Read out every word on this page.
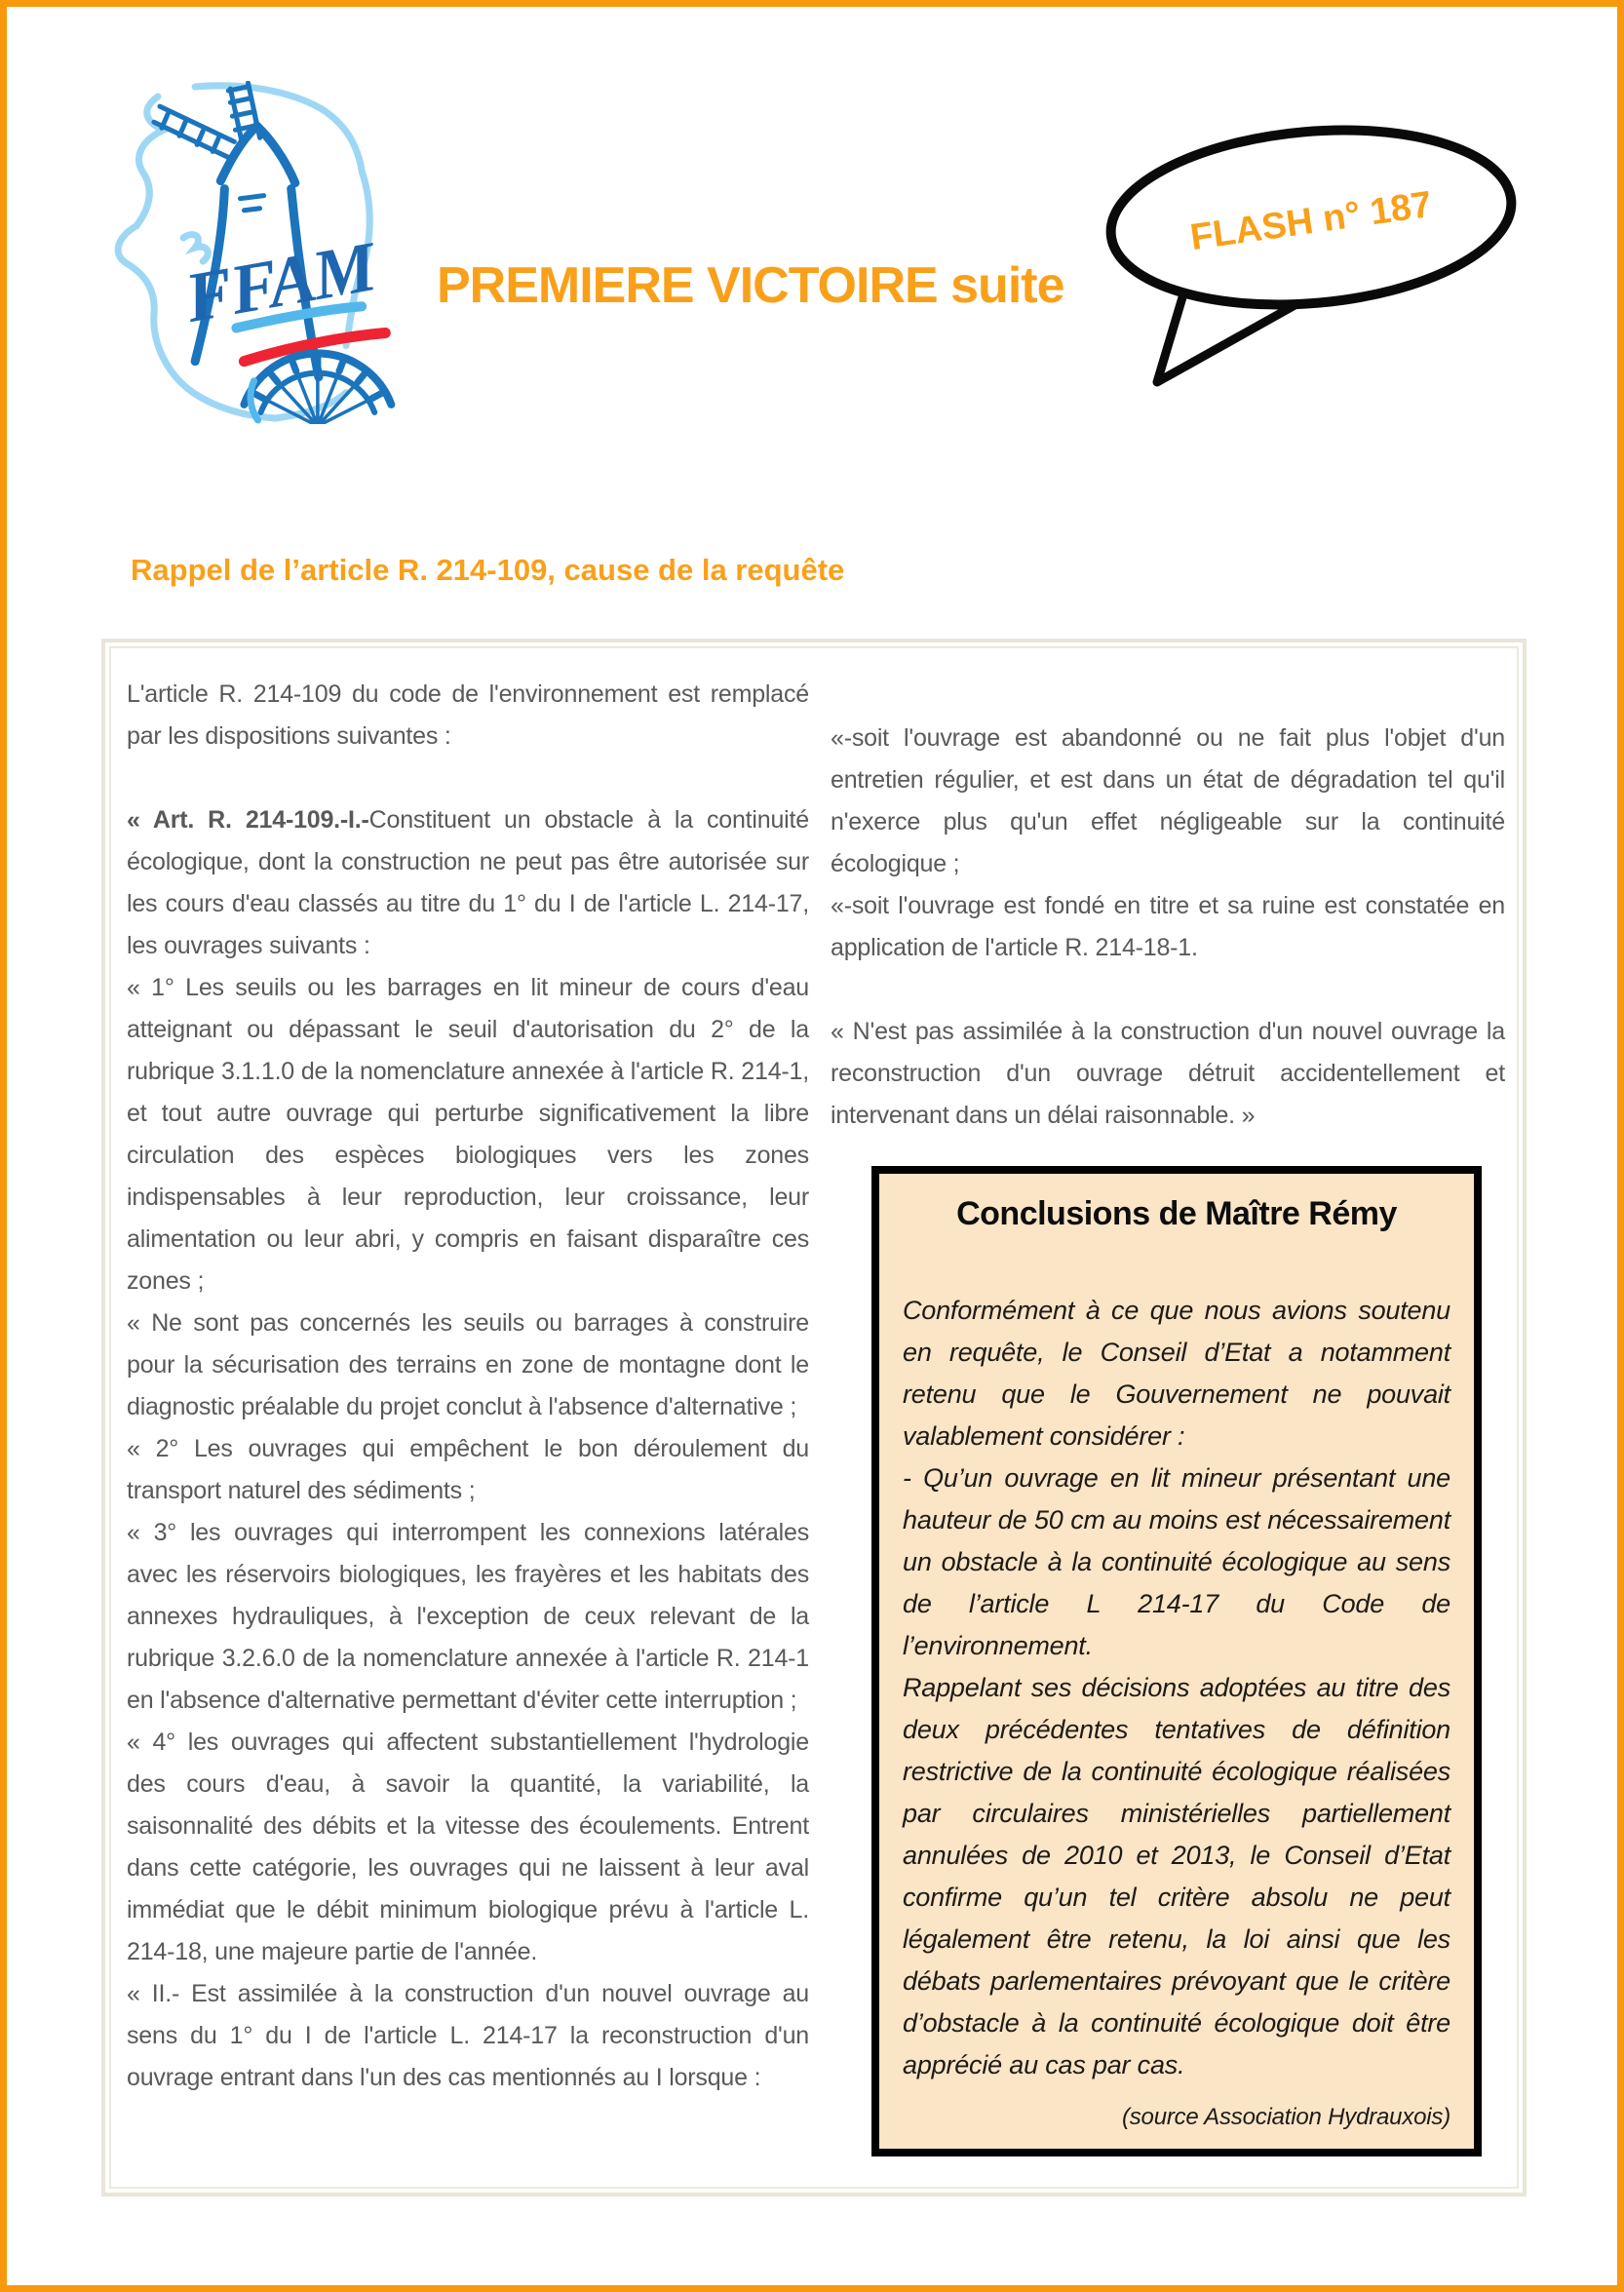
FFAM PREMIERE VICTOIRE suite
FLASH n° 187
Rappel de l’article R. 214-109, cause de la requête

L'article R. 214-109 du code de l'environnement est remplacé par les dispositions suivantes :

« Art. R. 214-109.-I.-Constituent un obstacle à la continuité écologique, dont la construction ne peut pas être autorisée sur les cours d'eau classés au titre du 1° du I de l'article L. 214-17, les ouvrages suivants :

« 1° Les seuils ou les barrages en lit mineur de cours d'eau atteignant ou dépassant le seuil d'autorisation du 2° de la rubrique 3.1.1.0 de la nomenclature annexée à l'article R. 214-1, et tout autre ouvrage qui perturbe significativement la libre circulation des espèces biologiques vers les zones indispensables à leur reproduction, leur croissance, leur alimentation ou leur abri, y compris en faisant disparaître ces zones ;

« Ne sont pas concernés les seuils ou barrages à construire pour la sécurisation des terrains en zone de montagne dont le diagnostic préalable du projet conclut à l'absence d'alternative ;

« 2° Les ouvrages qui empêchent le bon déroulement du transport naturel des sédiments ;

« 3° les ouvrages qui interrompent les connexions latérales avec les réservoirs biologiques, les frayères et les habitats des annexes hydrauliques, à l'exception de ceux relevant de la rubrique 3.2.6.0 de la nomenclature annexée à l'article R. 214-1 en l'absence d'alternative permettant d'éviter cette interruption ;

« 4° les ouvrages qui affectent substantiellement l'hydrologie des cours d'eau, à savoir la quantité, la variabilité, la saisonnalité des débits et la vitesse des écoulements. Entrent dans cette catégorie, les ouvrages qui ne laissent à leur aval immédiat que le débit minimum biologique prévu à l'article L. 214-18, une majeure partie de l'année.

« II.- Est assimilée à la construction d'un nouvel ouvrage au sens du 1° du I de l'article L. 214-17 la reconstruction d'un ouvrage entrant dans l'un des cas mentionnés au I lorsque :

«-soit l'ouvrage est abandonné ou ne fait plus l'objet d'un entretien régulier, et est dans un état de dégradation tel qu'il n'exerce plus qu'un effet négligeable sur la continuité écologique ;

«-soit l'ouvrage est fondé en titre et sa ruine est constatée en application de l'article R. 214-18-1.

« N'est pas assimilée à la construction d'un nouvel ouvrage la reconstruction d'un ouvrage détruit accidentellement et intervenant dans un délai raisonnable. »

Conclusions de Maître Rémy

Conformément à ce que nous avions soutenu en requête, le Conseil d’Etat a notamment retenu que le Gouvernement ne pouvait valablement considérer :

- Qu’un ouvrage en lit mineur présentant une hauteur de 50 cm au moins est nécessairement un obstacle à la continuité écologique au sens de l’article L 214-17 du Code de l’environnement.

Rappelant ses décisions adoptées au titre des deux précédentes tentatives de définition restrictive de la continuité écologique réalisées par circulaires ministérielles partiellement annulées de 2010 et 2013, le Conseil d’Etat confirme qu’un tel critère absolu ne peut légalement être retenu, la loi ainsi que les débats parlementaires prévoyant que le critère d’obstacle à la continuité écologique doit être apprécié au cas par cas.

(source Association Hydrauxois)
